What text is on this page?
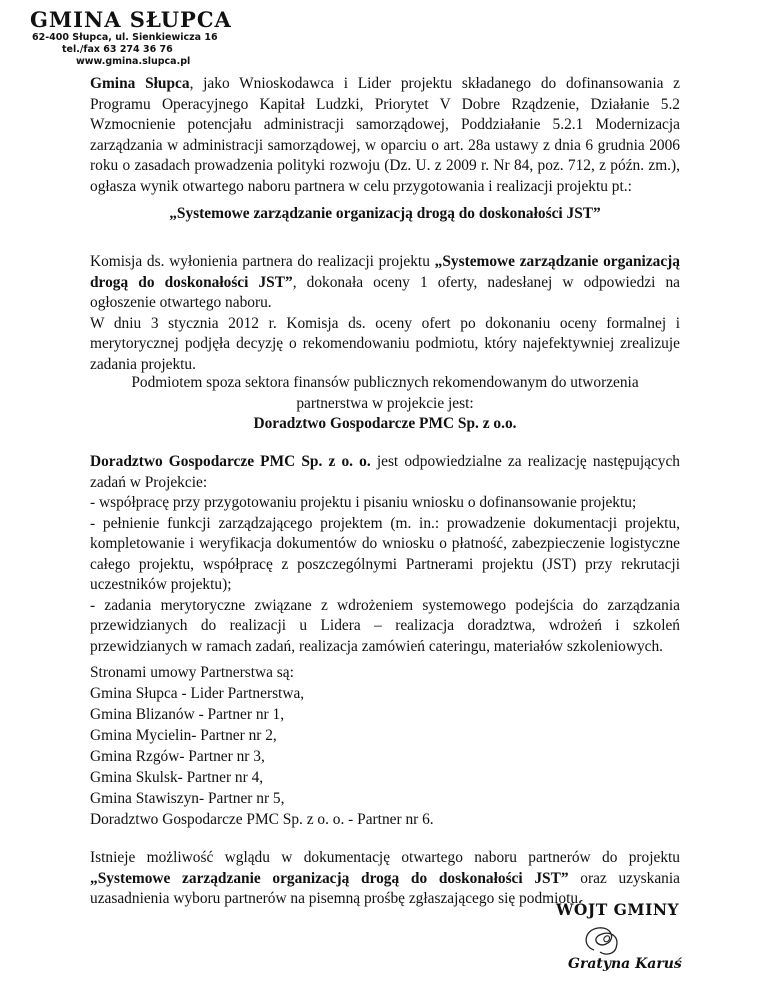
GMINA SŁUPCA
62-400 Słupca, ul. Sienkiewicza 16
tel./fax 63 274 36 76
www.gmina.slupca.pl

Gmina Słupca, jako Wnioskodawca i Lider projektu składanego do dofinansowania z Programu Operacyjnego Kapitał Ludzki, Priorytet V Dobre Rządzenie, Działanie 5.2 Wzmocnienie potencjału administracji samorządowej, Poddziałanie 5.2.1 Modernizacja zarządzania w administracji samorządowej, w oparciu o art. 28a ustawy z dnia 6 grudnia 2006 roku o zasadach prowadzenia polityki rozwoju (Dz. U. z 2009 r. Nr 84, poz. 712, z późn. zm.), ogłasza wynik otwartego naboru partnera w celu przygotowania i realizacji projektu pt.:

„Systemowe zarządzanie organizacją drogą do doskonałości JST”

Komisja ds. wyłonienia partnera do realizacji projektu „Systemowe zarządzanie organizacją drogą do doskonałości JST”, dokonała oceny 1 oferty, nadesłanej w odpowiedzi na ogłoszenie otwartego naboru.

W dniu 3 stycznia 2012 r. Komisja ds. oceny ofert po dokonaniu oceny formalnej i merytorycznej podjęła decyzję o rekomendowaniu podmiotu, który najefektywniej zrealizuje zadania projektu.

Podmiotem spoza sektora finansów publicznych rekomendowanym do utworzenia
partnerstwa w projekcie jest:
Doradztwo Gospodarcze PMC Sp. z o.o.

Doradztwo Gospodarcze PMC Sp. z o. o. jest odpowiedzialne za realizację następujących zadań w Projekcie:

- współpracę przy przygotowaniu projektu i pisaniu wniosku o dofinansowanie projektu;

- pełnienie funkcji zarządzającego projektem (m. in.: prowadzenie dokumentacji projektu, kompletowanie i weryfikacja dokumentów do wniosku o płatność, zabezpieczenie logistyczne całego projektu, współpracę z poszczególnymi Partnerami projektu (JST) przy rekrutacji uczestników projektu);

- zadania merytoryczne związane z wdrożeniem systemowego podejścia do zarządzania przewidzianych do realizacji u Lidera – realizacja doradztwa, wdrożeń i szkoleń przewidzianych w ramach zadań, realizacja zamówień cateringu, materiałów szkoleniowych.

Stronami umowy Partnerstwa są:
Gmina Słupca - Lider Partnerstwa,
Gmina Blizanów - Partner nr 1,
Gmina Mycielin- Partner nr 2,
Gmina Rzgów- Partner nr 3,
Gmina Skulsk- Partner nr 4,
Gmina Stawiszyn- Partner nr 5,
Doradztwo Gospodarcze PMC Sp. z o. o. - Partner nr 6.

Istnieje możliwość wglądu w dokumentację otwartego naboru partnerów do projektu „Systemowe zarządzanie organizacją drogą do doskonałości JST” oraz uzyskania uzasadnienia wyboru partnerów na pisemną prośbę zgłaszającego się podmiotu.

WÓJT GMINY
Gratyna Karuś
